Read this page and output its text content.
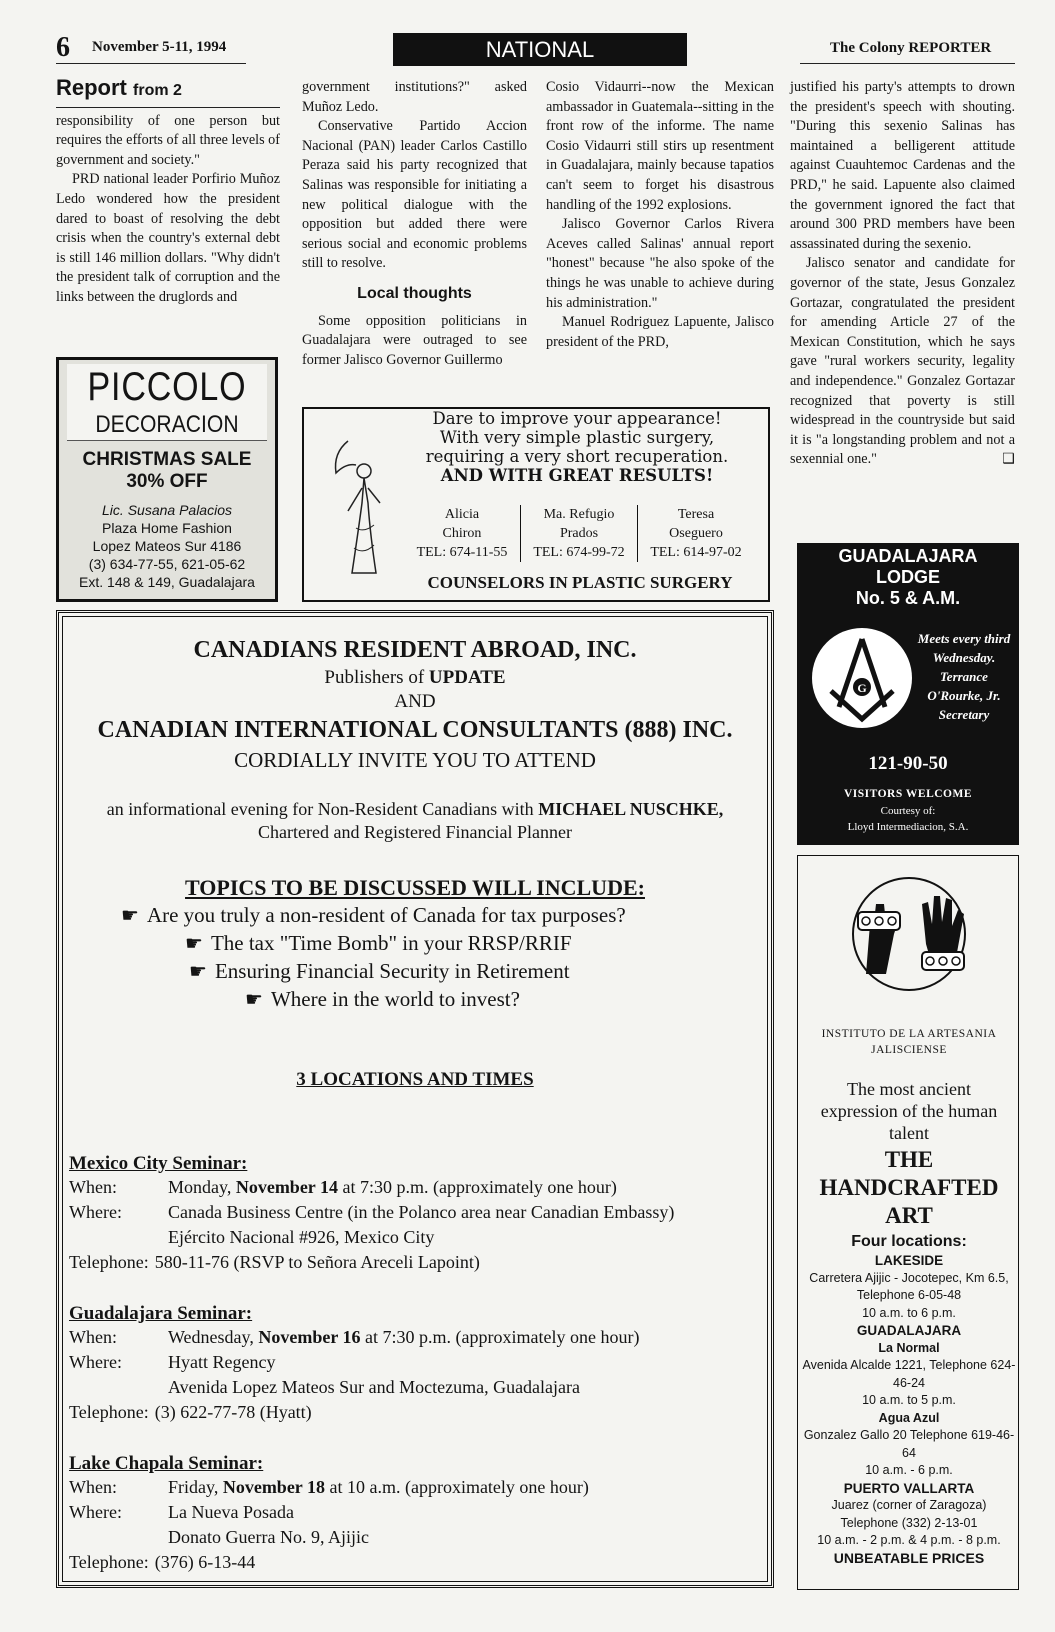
6 November 5-11, 1994	NATIONAL	The Colony REPORTER
Report from 2

responsibility of one person but requires the efforts of all three levels of government and society."

PRD national leader Porfirio Muñoz Ledo wondered how the president dared to boast of resolving the debt crisis when the country's external debt is still 146 million dollars. "Why didn't the president talk of corruption and the links between the druglords and

government institutions?" asked Muñoz Ledo.

Conservative Partido Accion Nacional (PAN) leader Carlos Castillo Peraza said his party recognized that Salinas was responsible for initiating a new political dialogue with the opposition but added there were serious social and economic problems still to resolve.

Local thoughts

Some opposition politicians in Guadalajara were outraged to see former Jalisco Governor Guillermo

Cosio Vidaurri--now the Mexican ambassador in Guatemala--sitting in the front row of the informe. The name Cosio Vidaurri still stirs up resentment in Guadalajara, mainly because tapatios can't seem to forget his disastrous handling of the 1992 explosions.

Jalisco Governor Carlos Rivera Aceves called Salinas' annual report "honest" because "he also spoke of the things he was unable to achieve during his administration."

Manuel Rodriguez Lapuente, Jalisco president of the PRD,

justified his party's attempts to drown the president's speech with shouting. "During this sexenio Salinas has maintained a belligerent attitude against Cuauhtemoc Cardenas and the PRD," he said. Lapuente also claimed the government ignored the fact that around 300 PRD members have been assassinated during the sexenio.

Jalisco senator and candidate for governor of the state, Jesus Gonzalez Gortazar, congratulated the president for amending Article 27 of the Mexican Constitution, which he says gave "rural workers security, legality and independence." Gonzalez Gortazar recognized that poverty is still widespread in the countryside but said it is "a longstanding problem and not a sexennial one."	❑

PICCOLO
DECORACION
CHRISTMAS SALE
30% OFF
Lic. Susana Palacios
Plaza Home Fashion
Lopez Mateos Sur 4186
(3) 634-77-55, 621-05-62
Ext. 148 & 149, Guadalajara
Dare to improve your appearance!
With very simple plastic surgery,
requiring a very short recuperation.
AND WITH GREAT RESULTS!
Alicia
Chiron
TEL: 674-11-55
Ma. Refugio
Prados
TEL: 674-99-72
Teresa
Oseguero
TEL: 614-97-02
COUNSELORS IN PLASTIC SURGERY
GUADALAJARA
LODGE
No. 5 & A.M.
G
Meets every third Wednesday.
Terrance O'Rourke, Jr. Secretary
121-90-50
VISITORS WELCOME
Courtesy of:
Lloyd Intermediacion, S.A.
CANADIANS RESIDENT ABROAD, INC.
Publishers of UPDATE
AND
CANADIAN INTERNATIONAL CONSULTANTS (888) INC.
CORDIALLY INVITE YOU TO ATTEND
an informational evening for Non-Resident Canadians with MICHAEL NUSCHKE,
Chartered and Registered Financial Planner
TOPICS TO BE DISCUSSED WILL INCLUDE:
☛ Are you truly a non-resident of Canada for tax purposes?
☛ The tax "Time Bomb" in your RRSP/RRIF
☛ Ensuring Financial Security in Retirement
☛ Where in the world to invest?
3 LOCATIONS AND TIMES
Mexico City Seminar:
When:	Monday, November 14 at 7:30 p.m. (approximately one hour)
Where:	Canada Business Centre (in the Polanco area near Canadian Embassy)
Ejército Nacional #926, Mexico City
Telephone: 580-11-76 (RSVP to Señora Areceli Lapoint)
Guadalajara Seminar:
When:	Wednesday, November 16 at 7:30 p.m. (approximately one hour)
Where:	Hyatt Regency
Avenida Lopez Mateos Sur and Moctezuma, Guadalajara
Telephone: (3) 622-77-78 (Hyatt)
Lake Chapala Seminar:
When:	Friday, November 18 at 10 a.m. (approximately one hour)
Where:	La Nueva Posada
Donato Guerra No. 9, Ajijic
Telephone: (376) 6-13-44

INSTITUTO DE LA ARTESANIA JALISCIENSE

The most ancient expression of the human talent

THE HANDCRAFTED ART

Four locations:
LAKESIDE
Carretera Ajijic - Jocotepec, Km 6.5, Telephone 6-05-48
10 a.m. to 6 p.m.
GUADALAJARA
La Normal
Avenida Alcalde 1221, Telephone 624-46-24
10 a.m. to 5 p.m.
Agua Azul
Gonzalez Gallo 20 Telephone 619-46-64
10 a.m. - 6 p.m.
PUERTO VALLARTA
Juarez (corner of Zaragoza) Telephone (332) 2-13-01
10 a.m. - 2 p.m. & 4 p.m. - 8 p.m.
UNBEATABLE PRICES
